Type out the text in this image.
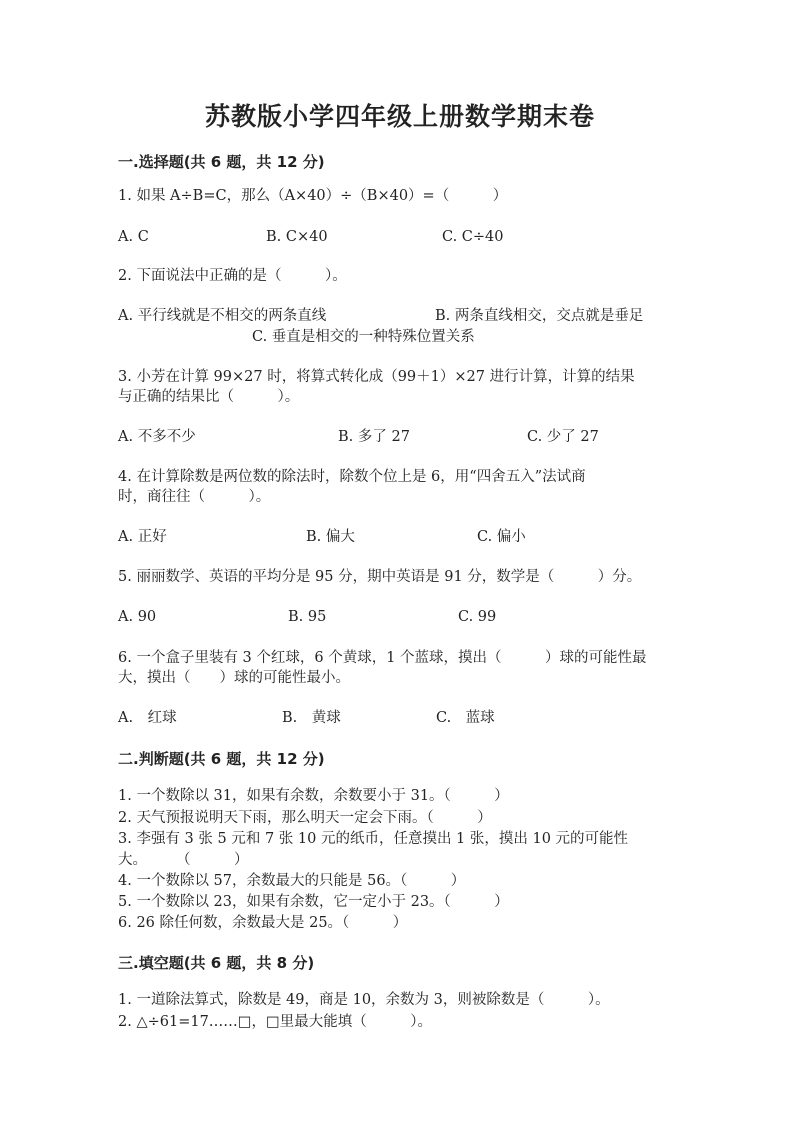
苏教版小学四年级上册数学期末卷
一.选择题(共 6 题，共 12 分)
1. 如果 A÷B=C，那么（A×40）÷（B×40）=（　　　）
A. C	B. C×40	C. C÷40
2. 下面说法中正确的是（　　　）。
A. 平行线就是不相交的两条直线	B. 两条直线相交，交点就是垂足
C. 垂直是相交的一种特殊位置关系
3. 小芳在计算 99×27 时，将算式转化成（99＋1）×27 进行计算，计算的结果
与正确的结果比（　　　）。
A. 不多不少	B. 多了 27	C. 少了 27
4. 在计算除数是两位数的除法时，除数个位上是 6，用“四舍五入”法试商
时，商往往（　　　）。
A. 正好	B. 偏大	C. 偏小
5. 丽丽数学、英语的平均分是 95 分，期中英语是 91 分，数学是（　　　）分。
A. 90	B. 95	C. 99
6. 一个盒子里装有 3 个红球，6 个黄球，1 个蓝球，摸出（　　　）球的可能性最
大，摸出（　　）球的可能性最小。
A.　红球	B.　黄球	C.　蓝球
二.判断题(共 6 题，共 12 分)
1. 一个数除以 31，如果有余数，余数要小于 31。（　　　）
2. 天气预报说明天下雨，那么明天一定会下雨。（　　　）
3. 李强有 3 张 5 元和 7 张 10 元的纸币，任意摸出 1 张，摸出 10 元的可能性
大。　　　（　　　）
4. 一个数除以 57，余数最大的只能是 56。（　　　）
5. 一个数除以 23，如果有余数，它一定小于 23。（　　　）
6. 26 除任何数，余数最大是 25。（　　　）
三.填空题(共 6 题，共 8 分)
1. 一道除法算式，除数是 49，商是 10，余数为 3，则被除数是（　　　）。
2. △÷61=17……□，□里最大能填（　　　）。
